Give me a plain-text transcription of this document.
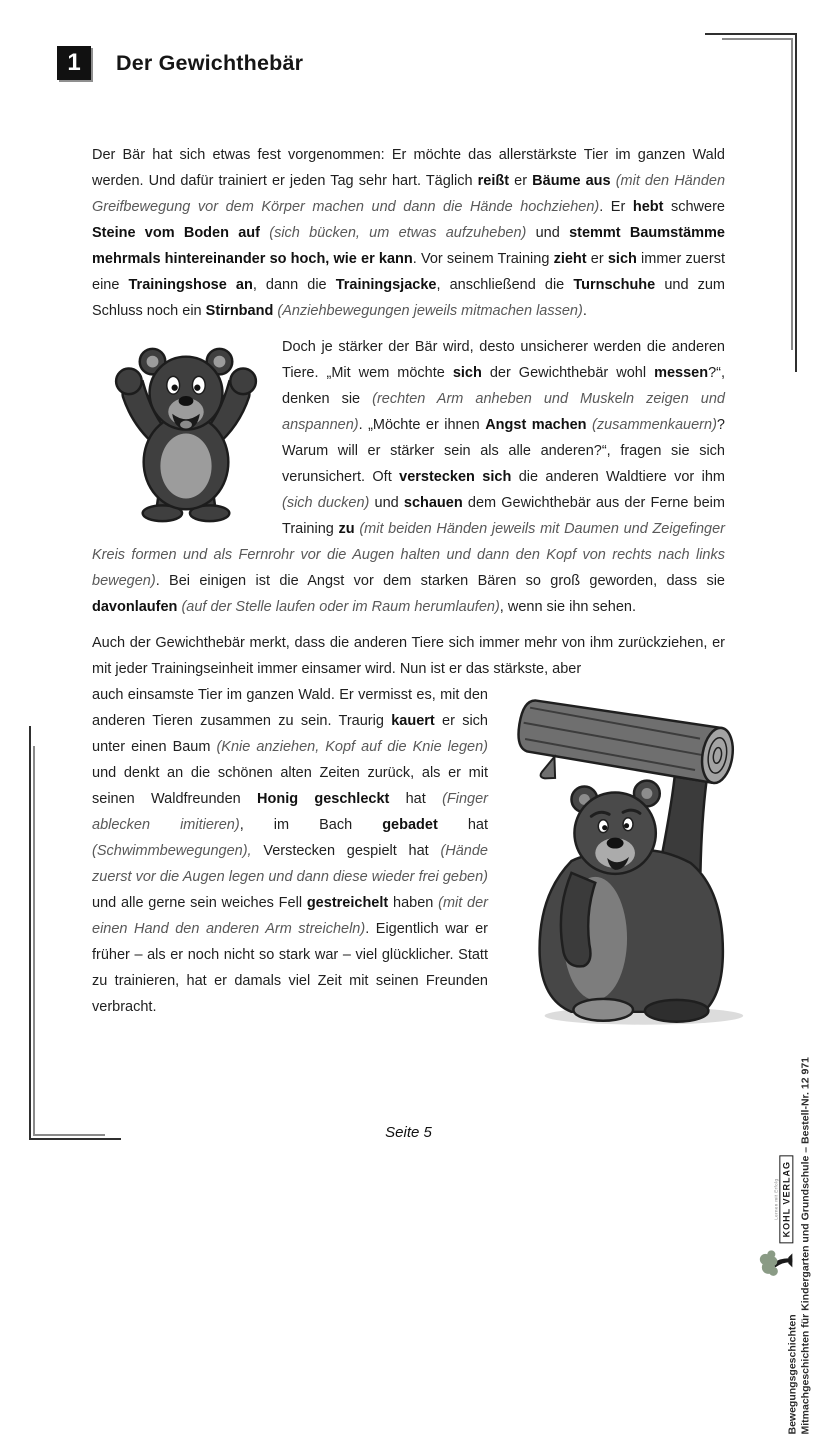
1	Der Gewichthebär

Der Bär hat sich etwas fest vorgenommen: Er möchte das allerstärkste Tier im ganzen Wald werden. Und dafür trainiert er jeden Tag sehr hart. Täglich reißt er Bäume aus (mit den Händen Greifbewegung vor dem Körper machen und dann die Hände hochziehen). Er hebt schwere Steine vom Boden auf (sich bücken, um etwas aufzuheben) und stemmt Baumstämme mehrmals hintereinander so hoch, wie er kann. Vor seinem Training zieht er sich immer zuerst eine Trainingshose an, dann die Trainingsjacke, anschließend die Turnschuhe und zum Schluss noch ein Stirnband (Anziehbewegungen jeweils mitmachen lassen).

Doch je stärker der Bär wird, desto unsicherer werden die anderen Tiere. „Mit wem möchte sich der Gewichthebär wohl messen?“, denken sie (rechten Arm anheben und Muskeln zeigen und anspannen). „Möchte er ihnen Angst machen (zusammenkauern)? Warum will er stärker sein als alle anderen?“, fragen sie sich verunsichert. Oft verstecken sich die anderen Waldtiere vor ihm (sich ducken) und schauen dem Gewichthebär aus der Ferne beim Training zu (mit beiden Händen jeweils mit Daumen und Zeigefinger Kreis formen und als Fernrohr vor die Augen halten und dann den Kopf von rechts nach links bewegen). Bei einigen ist die Angst vor dem starken Bären so groß geworden, dass sie davonlaufen (auf der Stelle laufen oder im Raum herumlaufen), wenn sie ihn sehen.

Auch der Gewichthebär merkt, dass die anderen Tiere sich immer mehr von ihm zurückziehen, er mit jeder Trainingseinheit immer einsamer wird. Nun ist er das stärkste, aber

auch einsamste Tier im ganzen Wald. Er vermisst es, mit den anderen Tieren zusammen zu sein. Traurig kauert er sich unter einen Baum (Knie anziehen, Kopf auf die Knie legen) und denkt an die schönen alten Zeiten zurück, als er mit seinen Waldfreunden Honig geschleckt hat (Finger ablecken imitieren), im Bach gebadet hat (Schwimmbewegungen), Verstecken gespielt hat (Hände zuerst vor die Augen legen und dann diese wieder frei geben) und alle gerne sein weiches Fell gestreichelt haben (mit der einen Hand den anderen Arm streicheln). Eigentlich war er früher – als er noch nicht so stark war – viel glücklicher. Statt zu trainieren, hat er damals viel Zeit mit seinen Freunden verbracht.

Seite 5
Bewegungsgeschichten Mitmachgeschichten für Kindergarten und Grundschule – Bestell-Nr. 12 971
Lernen mit Erfolg KOHL VERLAG
